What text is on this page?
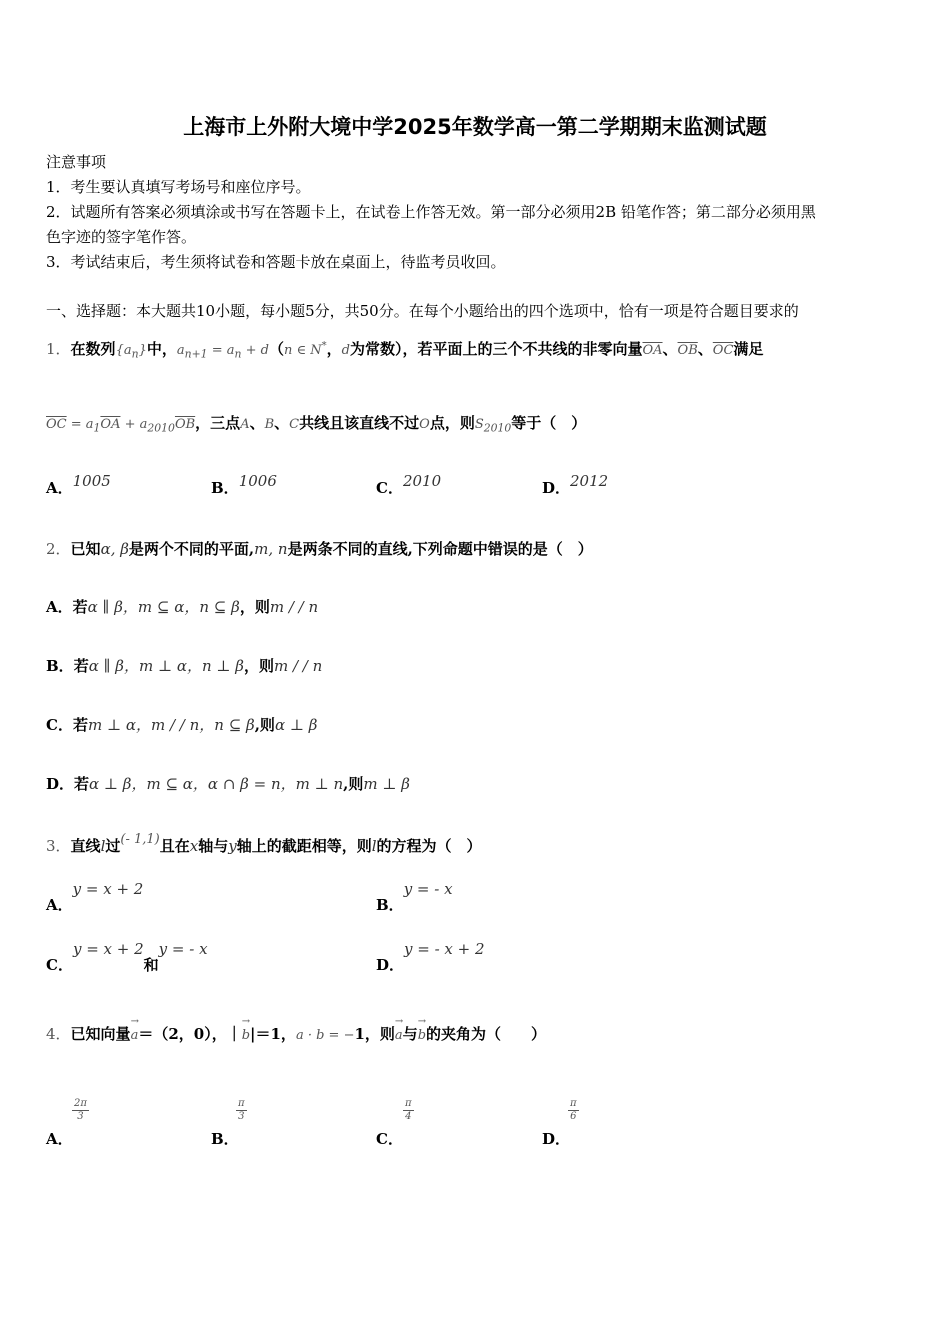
上海市上外附大境中学2025年数学高一第二学期期末监测试题
注意事项
1．考生要认真填写考场号和座位序号。
2．试题所有答案必须填涂或书写在答题卡上，在试卷上作答无效。第一部分必须用2B 铅笔作答；第二部分必须用黑
色字迹的签字笔作答。
3．考试结束后，考生须将试卷和答题卡放在桌面上，待监考员收回。
一、选择题：本大题共10小题，每小题5分，共50分。在每个小题给出的四个选项中，恰有一项是符合题目要求的
1．在数列$\{a_n\}$中，$a_{n+1} = a_n + d(n$ ∈ N*，d为常数），若平面上的三个不共线的非零向量$\overline{OA}$、$\overline{OB}$、$\overline{OC}$满足
$\overline{OC} = a_1\overline{OA} + a_{2010}\overline{OB}$，三点A、B、C共线且该直线不过O点，则$S_{2010}$等于（　）
A．1005	B．1006	C．2010	D．2012
2．已知α, β是两个不同的平面,m, n是两条不同的直线,下列命题中错误的是（　）
A．若α ∥ β，m ⊆ α，n ⊆ β，则m / / n
B．若α ∥ β，m ⊥ α，n ⊥ β，则m / / n
C．若m ⊥ α，m / / n，n ⊆ β,则α ⊥ β
D．若α ⊥ β，m ⊆ α，α ∩ β = n，m ⊥ n,则m ⊥ β
3．直线l过(- 1,1)且在x轴与y轴上的截距相等，则l的方程为（　）
A．y = x + 2
B．y = - x
C．y = x + 2和y = - x
D．y = - x + 2
4．已知向量
→
a＝（2，0），｜
→
b|＝1，a · b = −1，则
→
a与
→
b的夹角为（　　）
A．
$\frac{2\pi}{3}$
B．
$\frac{\pi}{3}$
C．
$\frac{\pi}{4}$
D．
$\frac{\pi}{6}$
